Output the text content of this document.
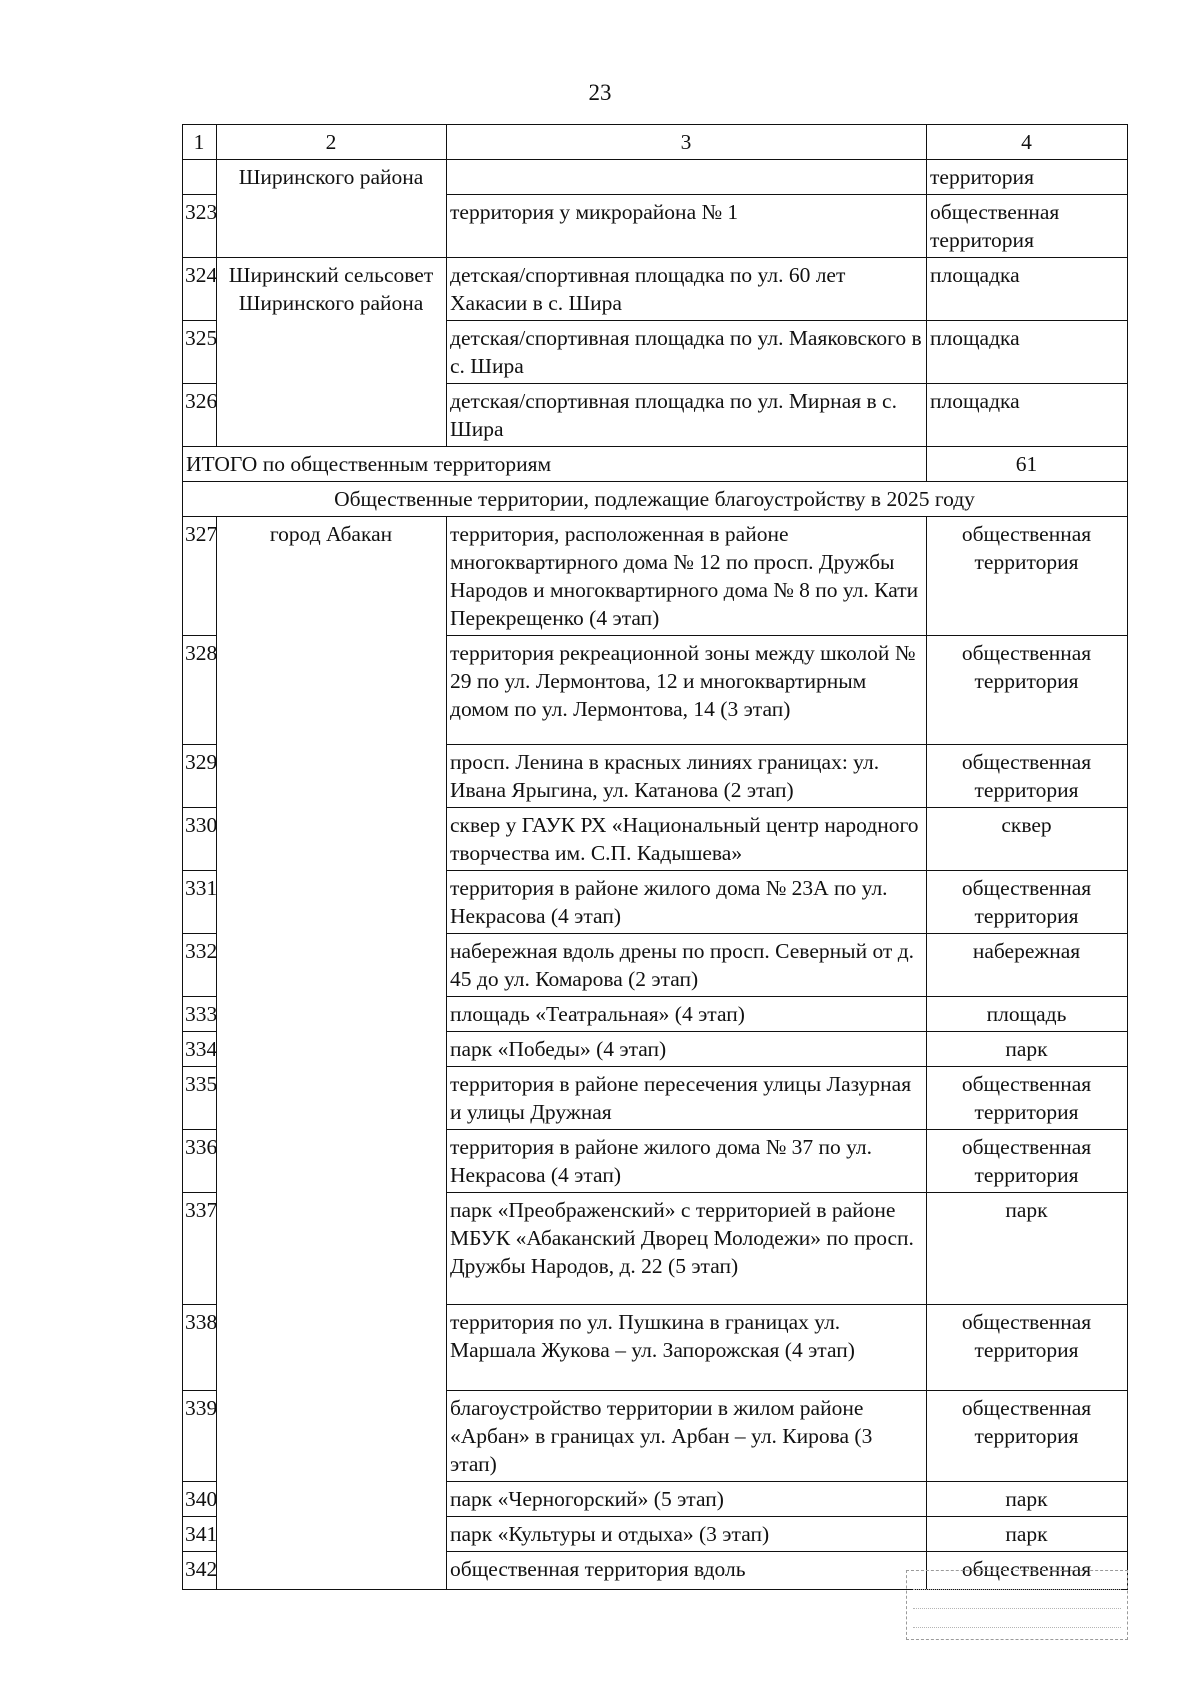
23
1	2	3	4
	Ширинского района		территория
323		территория у микрорайона № 1	общественная территория
324	Ширинский сельсовет Ширинского района	детская/спортивная площадка по ул. 60 лет Хакасии в с. Шира	площадка
325		детская/спортивная площадка по ул. Маяковского в с. Шира	площадка
326		детская/спортивная площадка по ул. Мирная в с. Шира	площадка
ИТОГО по общественным территориям			61
Общественные территории, подлежащие благоустройству в 2025 году			
327	город Абакан	территория, расположенная в районе многоквартирного дома № 12 по просп. Дружбы Народов и многоквартирного дома № 8 по ул. Кати Перекрещенко (4 этап)	общественная территория
328		территория рекреационной зоны между школой № 29 по ул. Лермонтова, 12 и многоквартирным домом по ул. Лермонтова, 14 (3 этап)	общественная территория
329		просп. Ленина в красных линиях границах: ул. Ивана Ярыгина, ул. Катанова (2 этап)	общественная территория
330		сквер у ГАУК РХ «Национальный центр народного творчества им. С.П. Кадышева»	сквер
331		территория в районе жилого дома № 23А по ул. Некрасова (4 этап)	общественная территория
332		набережная вдоль дрены по просп. Северный от д. 45 до ул. Комарова (2 этап)	набережная
333		площадь «Театральная» (4 этап)	площадь
334		парк «Победы» (4 этап)	парк
335		территория в районе пересечения улицы Лазурная и улицы Дружная	общественная территория
336		территория в районе жилого дома № 37 по ул. Некрасова (4 этап)	общественная территория
337		парк «Преображенский» с территорией в районе МБУК «Абаканский Дворец Молодежи» по просп. Дружбы Народов, д. 22 (5 этап)	парк
338		территория по ул. Пушкина в границах ул. Маршала Жукова – ул. Запорожская (4 этап)	общественная территория
339		благоустройство территории в жилом районе «Арбан» в границах ул. Арбан – ул. Кирова (3 этап)	общественная территория
340		парк «Черногорский» (5 этап)	парк
341		парк «Культуры и отдыха» (3 этап)	парк
342		общественная территория вдоль	общественная
